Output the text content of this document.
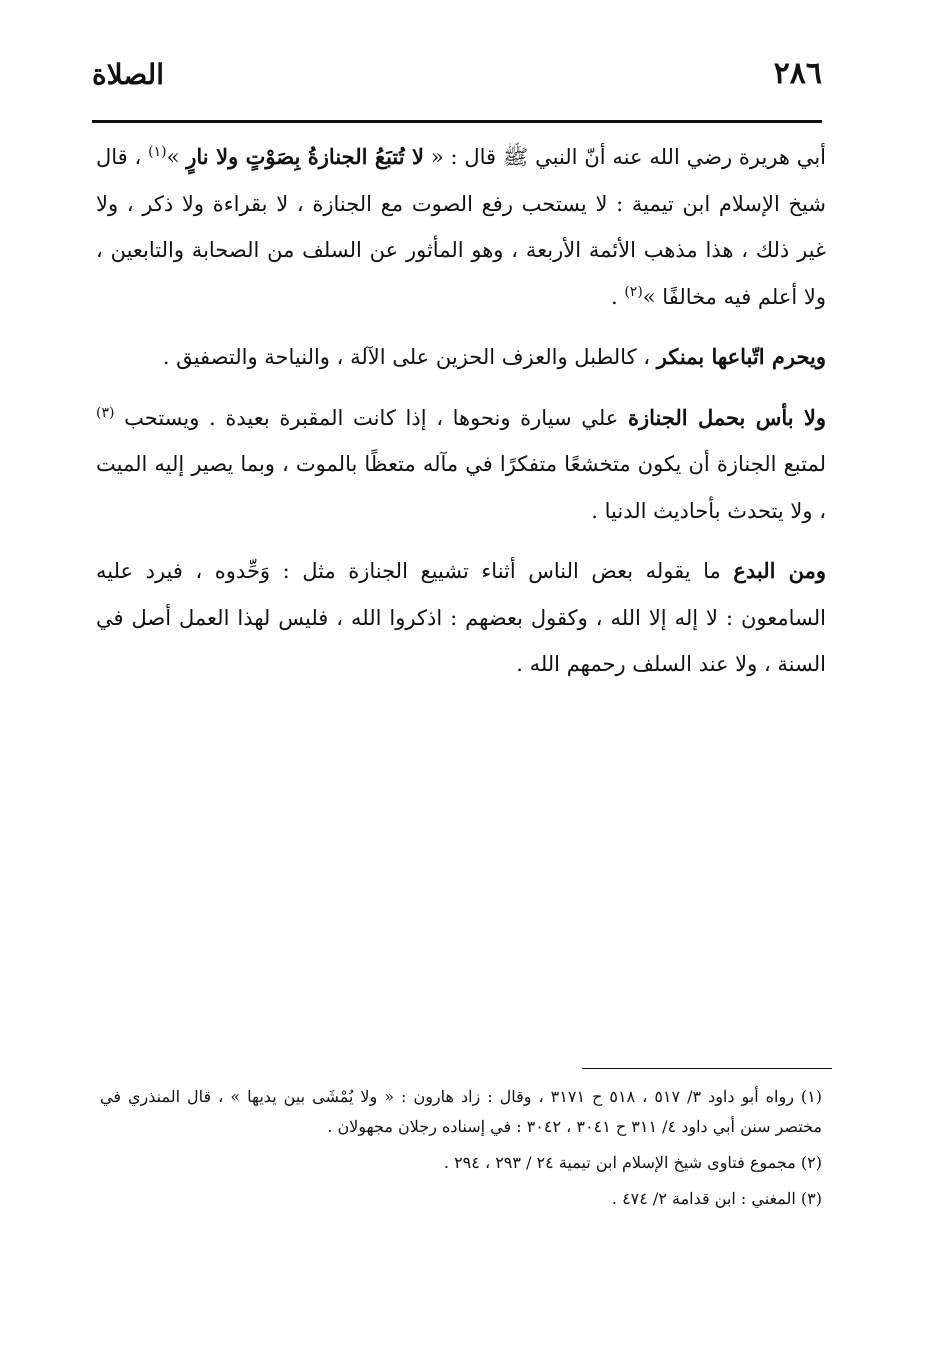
٢٨٦
الصلاة

أبي هريرة رضي الله عنه أنّ النبي ﷺ قال : « لا تُتبَعُ الجنازةُ بِصَوْتٍ ولا نارٍ »$^{(١)}$ ، قال شيخ الإسلام ابن تيمية : لا يستحب رفع الصوت مع الجنازة ، لا بقراءة ولا ذكر ، ولا غير ذلك ، هذا مذهب الأئمة الأربعة ، وهو المأثور عن السلف من الصحابة والتابعين ، ولا أعلم فيه مخالفًا »$^{(٢)}$ .

ويحرم اتّباعها بمنكر ، كالطبل والعزف الحزين على الآلة ، والنياحة والتصفيق .

ولا بأس بحمل الجنازة علي سيارة ونحوها ، إذا كانت المقبرة بعيدة . ويستحب $^{(٣)}$ لمتبع الجنازة أن يكون متخشعًا متفكرًا في مآله متعظًا بالموت ، وبما يصير إليه الميت ، ولا يتحدث بأحاديث الدنيا .

ومن البدع ما يقوله بعض الناس أثناء تشييع الجنازة مثل : وَحِّدوه ، فيرد عليه السامعون : لا إله إلا الله ، وكقول بعضهم : اذكروا الله ، فليس لهذا العمل أصل في السنة ، ولا عند السلف رحمهم الله .

(١) رواه أبو داود ٣/ ٥١٧ ، ٥١٨ ح ٣١٧١ ، وقال : زاد هارون : « ولا يُمْشَى بين يديها » ، قال المنذري في مختصر سنن أبي داود ٤/ ٣١١ ح ٣٠٤١ ، ٣٠٤٢ : في إسناده رجلان مجهولان .

(٢) مجموع فتاوى شيخ الإسلام ابن تيمية ٢٤ / ٢٩٣ ، ٢٩٤ .

(٣) المغني : ابن قدامة ٢/ ٤٧٤ .
